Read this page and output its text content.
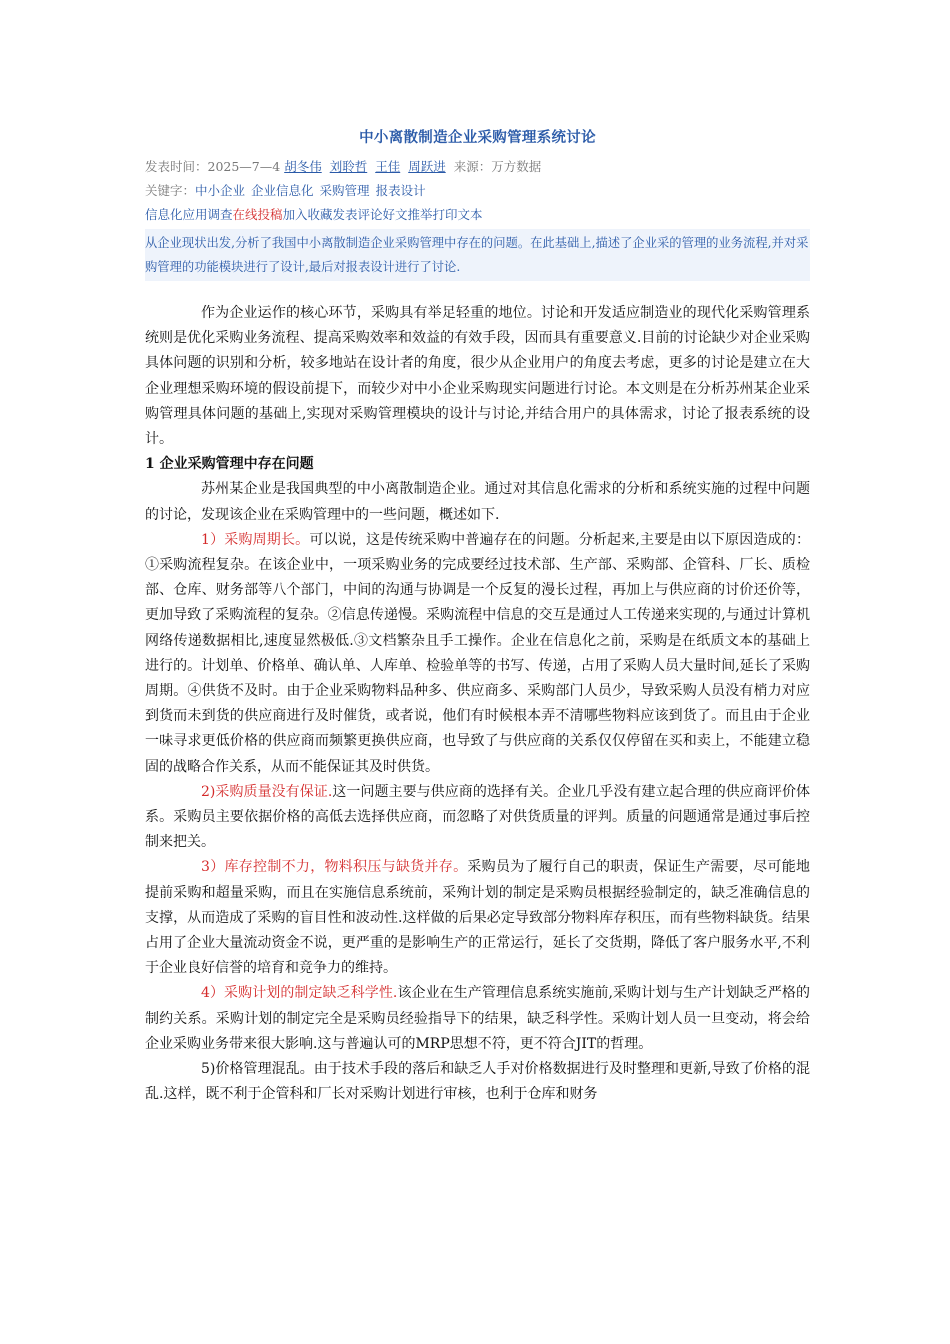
中小离散制造企业采购管理系统讨论
发表时间：2025—7—4 胡冬伟 刘聆哲 王佳 周跃进 来源：万方数据
关键字：中小企业 企业信息化 采购管理 报表设计
信息化应用调查在线投稿加入收藏发表评论好文推举打印文本
从企业现状出发,分析了我国中小离散制造企业采购管理中存在的问题。在此基础上,描述了企业采的管理的业务流程,并对采购管理的功能模块进行了设计,最后对报表设计进行了讨论.

作为企业运作的核心环节，采购具有举足轻重的地位。讨论和开发适应制造业的现代化采购管理系统则是优化采购业务流程、提高采购效率和效益的有效手段，因而具有重要意义.目前的讨论缺少对企业采购具体问题的识别和分析，较多地站在设计者的角度，很少从企业用户的角度去考虑，更多的讨论是建立在大企业理想采购环境的假设前提下，而较少对中小企业采购现实问题进行讨论。本文则是在分析苏州某企业采购管理具体问题的基础上,实现对采购管理模块的设计与讨论,并结合用户的具体需求，讨论了报表系统的设计。

1 企业采购管理中存在问题

苏州某企业是我国典型的中小离散制造企业。通过对其信息化需求的分析和系统实施的过程中问题的讨论，发现该企业在采购管理中的一些问题，概述如下.

1）采购周期长。可以说，这是传统采购中普遍存在的问题。分析起来,主要是由以下原因造成的：①采购流程复杂。在该企业中，一项采购业务的完成要经过技术部、生产部、采购部、企管科、厂长、质检部、仓库、财务部等八个部门，中间的沟通与协调是一个反复的漫长过程，再加上与供应商的讨价还价等，更加导致了采购流程的复杂。②信息传递慢。采购流程中信息的交互是通过人工传递来实现的,与通过计算机网络传递数据相比,速度显然极低.③文档繁杂且手工操作。企业在信息化之前，采购是在纸质文本的基础上进行的。计划单、价格单、确认单、人库单、检验单等的书写、传递，占用了采购人员大量时间,延长了采购周期。④供货不及时。由于企业采购物料品种多、供应商多、采购部门人员少，导致采购人员没有梢力对应到货而未到货的供应商进行及时催货，或者说，他们有时候根本弄不清哪些物料应该到货了。而且由于企业一味寻求更低价格的供应商而频繁更换供应商，也导致了与供应商的关系仅仅停留在买和卖上，不能建立稳固的战略合作关系，从而不能保证其及时供货。

2)采购质量没有保证.这一问题主要与供应商的选择有关。企业几乎没有建立起合理的供应商评价体系。采购员主要依据价格的高低去选择供应商，而忽略了对供货质量的评判。质量的问题通常是通过事后控制来把关。

3）库存控制不力，物料积压与缺货并存。采购员为了履行自己的职责，保证生产需要，尽可能地提前采购和超量采购，而且在实施信息系统前，采殉计划的制定是采购员根据经验制定的，缺乏准确信息的支撑，从而造成了采购的盲目性和波动性.这样做的后果必定导致部分物料库存积压，而有些物料缺货。结果占用了企业大量流动资金不说，更严重的是影响生产的正常运行，延长了交货期，降低了客户服务水平,不利于企业良好信誉的培育和竞争力的维持。

4）采购计划的制定缺乏科学性.该企业在生产管理信息系统实施前,采购计划与生产计划缺乏严格的制约关系。采购计划的制定完全是采购员经验指导下的结果，缺乏科学性。采购计划人员一旦变动，将会给企业采购业务带来很大影响.这与普遍认可的MRP思想不符，更不符合JIT的哲理。

5)价格管理混乱。由于技术手段的落后和缺乏人手对价格数据进行及时整理和更新,导致了价格的混乱.这样，既不利于企管科和厂长对采购计划进行审核，也利于仓库和财务
